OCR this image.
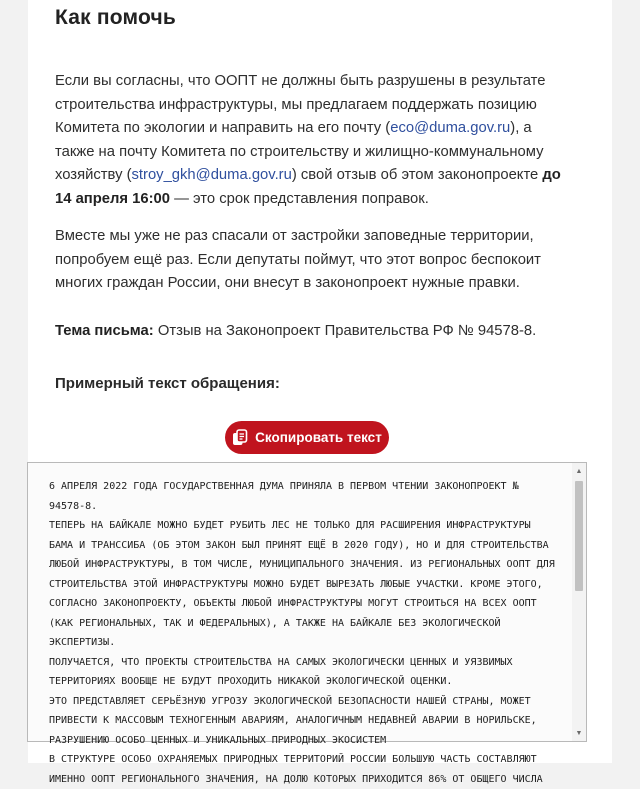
Как помочь

Если вы согласны, что ООПТ не должны быть разрушены в результате строительства инфраструктуры, мы предлагаем поддержать позицию Комитета по экологии и направить на его почту (eco@duma.gov.ru), а также на почту Комитета по строительству и жилищно-коммунальному хозяйству (stroy_gkh@duma.gov.ru) свой отзыв об этом законопроекте до 14 апреля 16:00 — это срок представления поправок.

Вместе мы уже не раз спасали от застройки заповедные территории, попробуем ещё раз. Если депутаты поймут, что этот вопрос беспокоит многих граждан России, они внесут в законопроект нужные правки.

Тема письма: Отзыв на Законопроект Правительства РФ № 94578-8.

Примерный текст обращения:
Скопировать текст
6 АПРЕЛЯ 2022 ГОДА ГОСУДАРСТВЕННАЯ ДУМА ПРИНЯЛА В ПЕРВОМ ЧТЕНИИ ЗАКОНОПРОЕКТ № 94578-8.
ТЕПЕРЬ НА БАЙКАЛЕ МОЖНО БУДЕТ РУБИТЬ ЛЕС НЕ ТОЛЬКО ДЛЯ РАСШИРЕНИЯ ИНФРАСТРУКТУРЫ БАМА И ТРАНССИБА (ОБ ЭТОМ ЗАКОН БЫЛ ПРИНЯТ ЕЩЁ В 2020 ГОДУ), НО И ДЛЯ СТРОИТЕЛЬСТВА ЛЮБОЙ ИНФРАСТРУКТУРЫ, В ТОМ ЧИСЛЕ, МУНИЦИПАЛЬНОГО ЗНАЧЕНИЯ. ИЗ РЕГИОНАЛЬНЫХ ООПТ ДЛЯ СТРОИТЕЛЬСТВА ЭТОЙ ИНФРАСТРУКТУРЫ МОЖНО БУДЕТ ВЫРЕЗАТЬ ЛЮБЫЕ УЧАСТКИ. КРОМЕ ЭТОГО, СОГЛАСНО ЗАКОНОПРОЕКТУ, ОБЪЕКТЫ ЛЮБОЙ ИНФРАСТРУКТУРЫ МОГУТ СТРОИТЬСЯ НА ВСЕХ ООПТ (КАК РЕГИОНАЛЬНЫХ, ТАК И ФЕДЕРАЛЬНЫХ), А ТАКЖЕ НА БАЙКАЛЕ БЕЗ ЭКОЛОГИЧЕСКОЙ ЭКСПЕРТИЗЫ.
ПОЛУЧАЕТСЯ, ЧТО ПРОЕКТЫ СТРОИТЕЛЬСТВА НА САМЫХ ЭКОЛОГИЧЕСКИ ЦЕННЫХ И УЯЗВИМЫХ ТЕРРИТОРИЯХ ВООБЩЕ НЕ БУДУТ ПРОХОДИТЬ НИКАКОЙ ЭКОЛОГИЧЕСКОЙ ОЦЕНКИ.
ЭТО ПРЕДСТАВЛЯЕТ СЕРЬЁЗНУЮ УГРОЗУ ЭКОЛОГИЧЕСКОЙ БЕЗОПАСНОСТИ НАШЕЙ СТРАНЫ, МОЖЕТ ПРИВЕСТИ К МАССОВЫМ ТЕХНОГЕННЫМ АВАРИЯМ, АНАЛОГИЧНЫМ НЕДАВНЕЙ АВАРИИ В НОРИЛЬСКЕ, РАЗРУШЕНИЮ ОСОБО ЦЕННЫХ И УНИКАЛЬНЫХ ПРИРОДНЫХ ЭКОСИСТЕМ
В СТРУКТУРЕ ОСОБО ОХРАНЯЕМЫХ ПРИРОДНЫХ ТЕРРИТОРИЙ РОССИИ БОЛЬШУЮ ЧАСТЬ СОСТАВЛЯЮТ ИМЕННО ООПТ РЕГИОНАЛЬНОГО ЗНАЧЕНИЯ, НА ДОЛЮ КОТОРЫХ ПРИХОДИТСЯ 86% ОТ ОБЩЕГО ЧИСЛА
▲
▼
